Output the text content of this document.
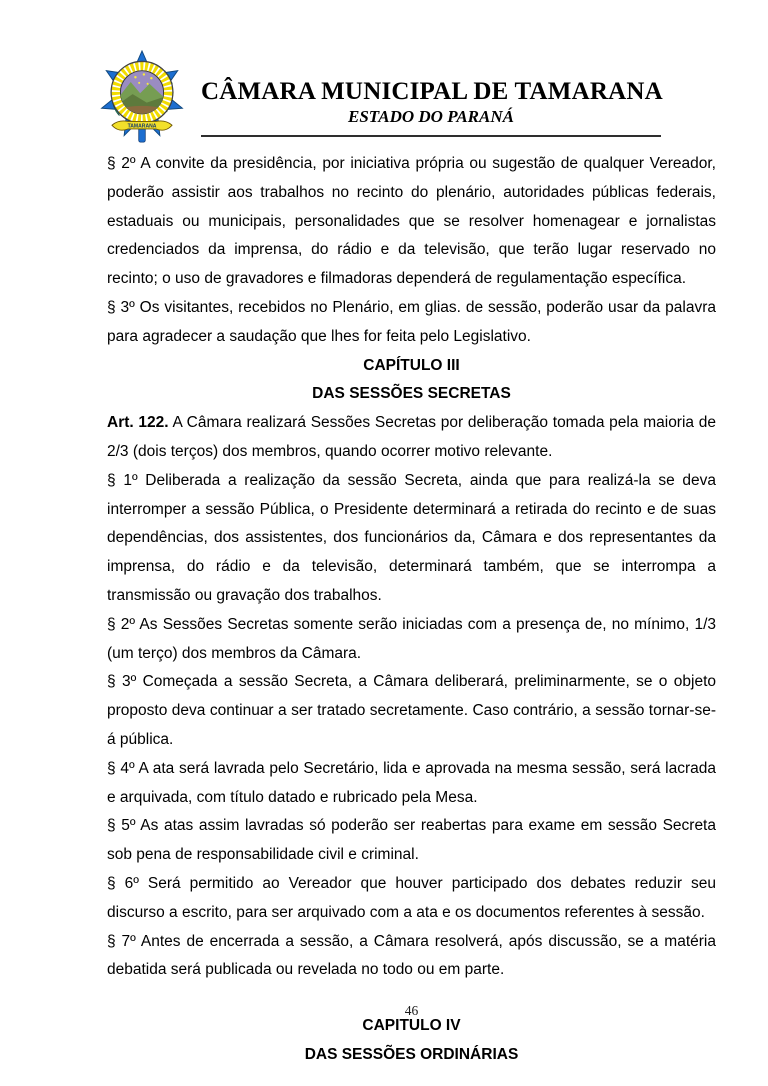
TAMARANA
CÂMARA MUNICIPAL DE TAMARANA
ESTADO DO PARANÁ

§ 2º A convite da presidência, por iniciativa própria ou sugestão de qualquer Vereador, poderão assistir aos trabalhos no recinto do plenário, autoridades públicas federais, estaduais ou municipais, personalidades que se resolver homenagear e jornalistas credenciados da imprensa, do rádio e da televisão, que terão lugar reservado no recinto; o uso de gravadores e filmadoras dependerá de regulamentação específica.

§ 3º Os visitantes, recebidos no Plenário, em glias. de sessão, poderão usar da palavra para agradecer a saudação que lhes for feita pelo Legislativo.

CAPÍTULO III

DAS SESSÕES SECRETAS

Art. 122. A Câmara realizará Sessões Secretas por deliberação tomada pela maioria de 2/3 (dois terços) dos membros, quando ocorrer motivo relevante.

§ 1º Deliberada a realização da sessão Secreta, ainda que para realizá-la se deva interromper a sessão Pública, o Presidente determinará a retirada do recinto e de suas dependências, dos assistentes, dos funcionários da, Câmara e dos representantes da imprensa, do rádio e da televisão, determinará também, que se interrompa a transmissão ou gravação dos trabalhos.

§ 2º As Sessões Secretas somente serão iniciadas com a presença de, no mínimo, 1/3 (um terço) dos membros da Câmara.

§ 3º Começada a sessão Secreta, a Câmara deliberará, preliminarmente, se o objeto proposto deva continuar a ser tratado secretamente. Caso contrário, a sessão tornar-se-á pública.

§ 4º A ata será lavrada pelo Secretário, lida e aprovada na mesma sessão, será lacrada e arquivada, com título datado e rubricado pela Mesa.

§ 5º As atas assim lavradas só poderão ser reabertas para exame em sessão Secreta sob pena de responsabilidade civil e criminal.

§ 6º Será permitido ao Vereador que houver participado dos debates reduzir seu discurso a escrito, para ser arquivado com a ata e os documentos referentes à sessão.

§ 7º Antes de encerrada a sessão, a Câmara resolverá, após discussão, se a matéria debatida será publicada ou revelada no todo ou em parte.

CAPITULO IV

DAS SESSÕES ORDINÁRIAS

46
